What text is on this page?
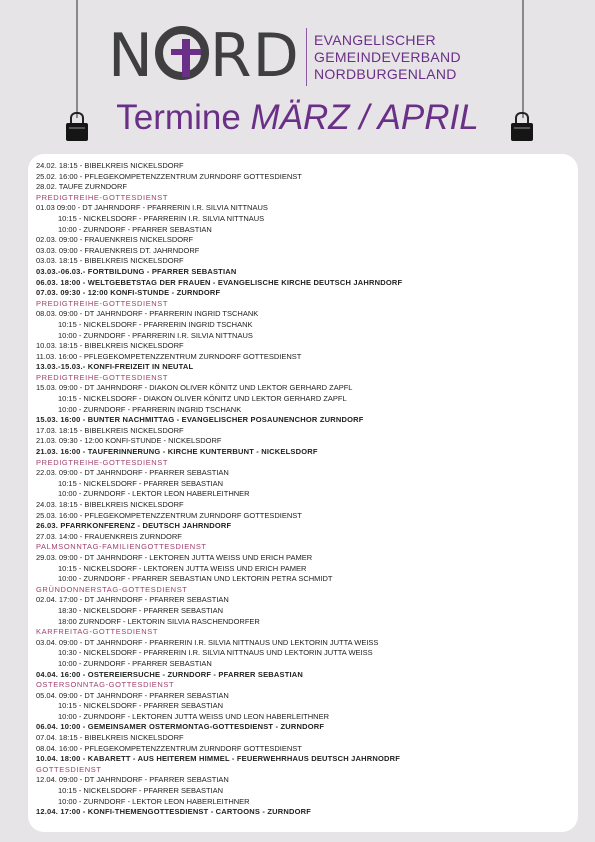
N RD EVANGELISCHER
GEMEINDEVERBAND
NORDBURGENLAND
Termine MÄRZ / APRIL
24.02. 18:15 - BIBELKREIS NICKELSDORF
25.02. 16:00 - PFLEGEKOMPETENZZENTRUM ZURNDORF GOTTESDIENST
28.02. TAUFE ZURNDORF
PREDIGTREIHE-GOTTESDIENST
01.03 09:00 - DT JAHRNDORF - PFARRERIN I.R. SILVIA NITTNAUS
10:15 - NICKELSDORF - PFARRERIN I.R. SILVIA NITTNAUS
10:00 - ZURNDORF - PFARRER SEBASTIAN
02.03. 09:00 - FRAUENKREIS NICKELSDORF
03.03. 09:00 - FRAUENKREIS DT. JAHRNDORF
03.03. 18:15 - BIBELKREIS NICKELSDORF
03.03.-06.03.- FORTBILDUNG - PFARRER SEBASTIAN
06.03. 18:00 - WELTGEBETSTAG DER FRAUEN - EVANGELISCHE KIRCHE DEUTSCH JAHRNDORF
07.03. 09:30 - 12:00 KONFI-STUNDE - ZURNDORF
PREDIGTREIHE-GOTTESDIENST
08.03. 09:00 - DT JAHRNDORF - PFARRERIN INGRID TSCHANK
10:15 - NICKELSDORF - PFARRERIN INGRID TSCHANK
10:00 - ZURNDORF - PFARRERIN I.R. SILVIA NITTNAUS
10.03. 18:15 - BIBELKREIS NICKELSDORF
11.03. 16:00 - PFLEGEKOMPETENZZENTRUM ZURNDORF GOTTESDIENST
13.03.-15.03.- KONFI-FREIZEIT IN NEUTAL
PREDIGTREIHE-GOTTESDIENST
15.03. 09:00 - DT JAHRNDORF - DIAKON OLIVER KÖNITZ UND LEKTOR GERHARD ZAPFL
10:15 - NICKELSDORF - DIAKON OLIVER KÖNITZ UND LEKTOR GERHARD ZAPFL
10:00 - ZURNDORF - PFARRERIN INGRID TSCHANK
15.03. 16:00 - BUNTER NACHMITTAG - EVANGELISCHER POSAUNENCHOR ZURNDORF
17.03. 18:15 - BIBELKREIS NICKELSDORF
21.03. 09:30 - 12:00 KONFI-STUNDE - NICKELSDORF
21.03. 16:00 - TAUFERINNERUNG - KIRCHE KUNTERBUNT - NICKELSDORF
PREDIGTREIHE-GOTTESDIENST
22.03. 09:00 - DT JAHRNDORF - PFARRER SEBASTIAN
10:15 - NICKELSDORF - PFARRER SEBASTIAN
10:00 - ZURNDORF - LEKTOR LEON HABERLEITHNER
24.03. 18:15 - BIBELKREIS NICKELSDORF
25.03. 16:00 - PFLEGEKOMPETENZZENTRUM ZURNDORF GOTTESDIENST
26.03. PFARRKONFERENZ - DEUTSCH JAHRNDORF
27.03. 14:00 - FRAUENKREIS ZURNDORF
PALMSONNTAG-FAMILIENGOTTESDIENST
29.03. 09:00 - DT JAHRNDORF - LEKTOREN JUTTA WEISS UND ERICH PAMER
10:15 - NICKELSDORF - LEKTOREN JUTTA WEISS UND ERICH PAMER
10:00 - ZURNDORF - PFARRER SEBASTIAN UND LEKTORIN PETRA SCHMIDT
GRÜNDONNERSTAG-GOTTESDIENST
02.04. 17:00 - DT JAHRNDORF - PFARRER SEBASTIAN
18:30 - NICKELSDORF - PFARRER SEBASTIAN
18:00 ZURNDORF - LEKTORIN SILVIA RASCHENDORFER
KARFREITAG-GOTTESDIENST
03.04. 09:00 - DT JAHRNDORF - PFARRERIN I.R. SILVIA NITTNAUS UND LEKTORIN JUTTA WEISS
10:30 - NICKELSDORF - PFARRERIN I.R. SILVIA NITTNAUS UND LEKTORIN JUTTA WEISS
10:00 - ZURNDORF - PFARRER SEBASTIAN
04.04. 16:00 - OSTEREIERSUCHE - ZURNDORF - PFARRER SEBASTIAN
OSTERSONNTAG-GOTTESDIENST
05.04. 09:00 - DT JAHRNDORF - PFARRER SEBASTIAN
10:15 - NICKELSDORF - PFARRER SEBASTIAN
10:00 - ZURNDORF - LEKTOREN JUTTA WEISS UND LEON HABERLEITHNER
06.04. 10:00 - GEMEINSAMER OSTERMONTAG-GOTTESDIENST - ZURNDORF
07.04. 18:15 - BIBELKREIS NICKELSDORF
08.04. 16:00 - PFLEGEKOMPETENZZENTRUM ZURNDORF GOTTESDIENST
10.04. 18:00 - KABARETT - AUS HEITEREM HIMMEL - FEUERWEHRHAUS DEUTSCH JAHRNODRF
GOTTESDIENST
12.04. 09:00 - DT JAHRNDORF - PFARRER SEBASTIAN
10:15 - NICKELSDORF - PFARRER SEBASTIAN
10:00 - ZURNDORF - LEKTOR LEON HABERLEITHNER
12.04. 17:00 - KONFI-THEMENGOTTESDIENST - CARTOONS - ZURNDORF
